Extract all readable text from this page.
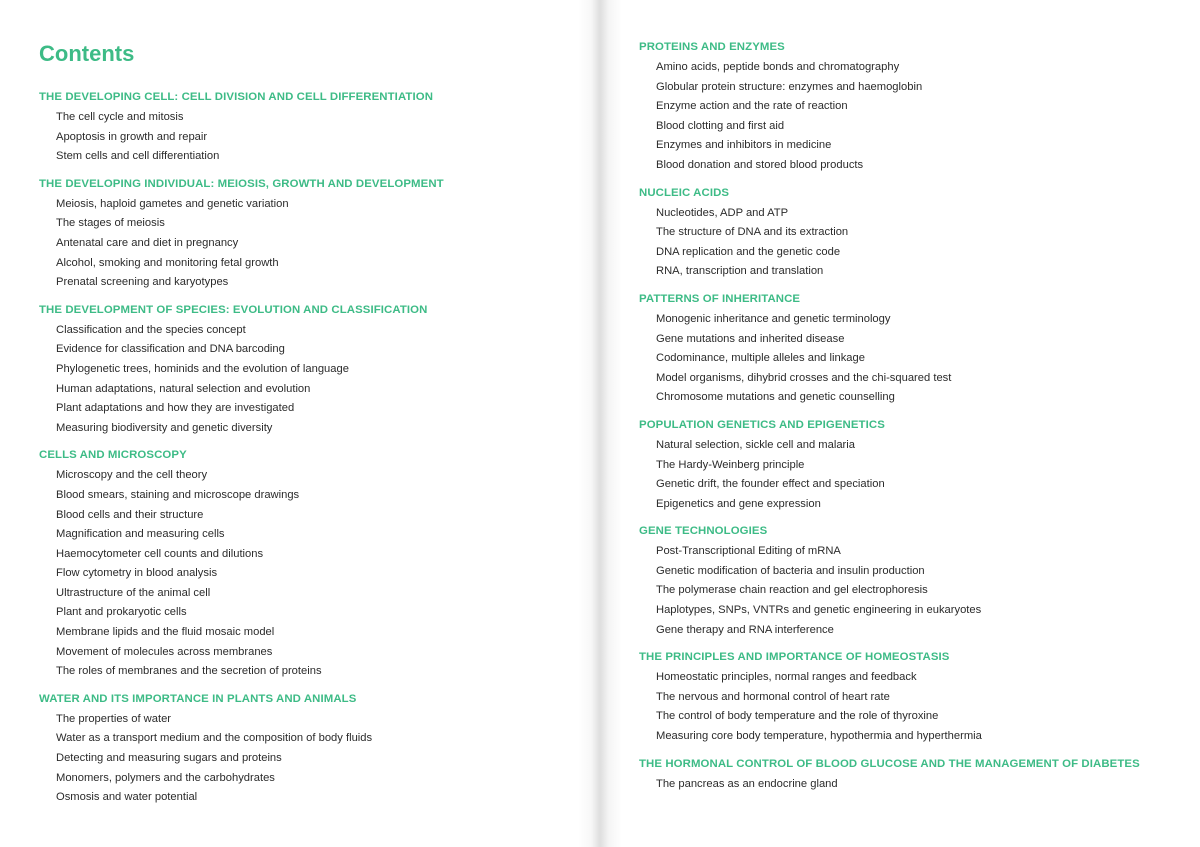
Contents
THE DEVELOPING CELL: CELL DIVISION AND CELL DIFFERENTIATION
The cell cycle and mitosis
Apoptosis in growth and repair
Stem cells and cell differentiation
THE DEVELOPING INDIVIDUAL: MEIOSIS, GROWTH AND DEVELOPMENT
Meiosis, haploid gametes and genetic variation
The stages of meiosis
Antenatal care and diet in pregnancy
Alcohol, smoking and monitoring fetal growth
Prenatal screening and karyotypes
THE DEVELOPMENT OF SPECIES: EVOLUTION AND CLASSIFICATION
Classification and the species concept
Evidence for classification and DNA barcoding
Phylogenetic trees, hominids and the evolution of language
Human adaptations, natural selection and evolution
Plant adaptations and how they are investigated
Measuring biodiversity and genetic diversity
CELLS AND MICROSCOPY
Microscopy and the cell theory
Blood smears, staining and microscope drawings
Blood cells and their structure
Magnification and measuring cells
Haemocytometer cell counts and dilutions
Flow cytometry in blood analysis
Ultrastructure of the animal cell
Plant and prokaryotic cells
Membrane lipids and the fluid mosaic model
Movement of molecules across membranes
The roles of membranes and the secretion of proteins
WATER AND ITS IMPORTANCE IN PLANTS AND ANIMALS
The properties of water
Water as a transport medium and the composition of body fluids
Detecting and measuring sugars and proteins
Monomers, polymers and the carbohydrates
Osmosis and water potential
PROTEINS AND ENZYMES
Amino acids, peptide bonds and chromatography
Globular protein structure: enzymes and haemoglobin
Enzyme action and the rate of reaction
Blood clotting and first aid
Enzymes and inhibitors in medicine
Blood donation and stored blood products
NUCLEIC ACIDS
Nucleotides, ADP and ATP
The structure of DNA and its extraction
DNA replication and the genetic code
RNA, transcription and translation
PATTERNS OF INHERITANCE
Monogenic inheritance and genetic terminology
Gene mutations and inherited disease
Codominance, multiple alleles and linkage
Model organisms, dihybrid crosses and the chi-squared test
Chromosome mutations and genetic counselling
POPULATION GENETICS AND EPIGENETICS
Natural selection, sickle cell and malaria
The Hardy-Weinberg principle
Genetic drift, the founder effect and speciation
Epigenetics and gene expression
GENE TECHNOLOGIES
Post-Transcriptional Editing of mRNA
Genetic modification of bacteria and insulin production
The polymerase chain reaction and gel electrophoresis
Haplotypes, SNPs, VNTRs and genetic engineering in eukaryotes
Gene therapy and RNA interference
THE PRINCIPLES AND IMPORTANCE OF HOMEOSTASIS
Homeostatic principles, normal ranges and feedback
The nervous and hormonal control of heart rate
The control of body temperature and the role of thyroxine
Measuring core body temperature, hypothermia and hyperthermia
THE HORMONAL CONTROL OF BLOOD GLUCOSE AND THE MANAGEMENT OF DIABETES
The pancreas as an endocrine gland
